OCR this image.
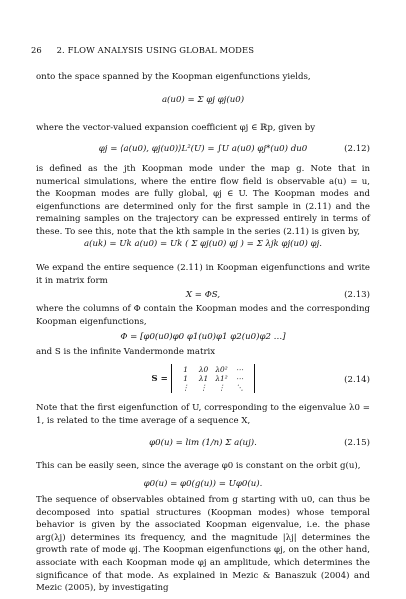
26 2. FLOW ANALYSIS USING GLOBAL MODES

onto the space spanned by the Koopman eigenfunctions yields,

a(u0) = Σ φj φj(u0)

where the vector-valued expansion coefficient φj ∈ ℝp, given by

φj = ⟨a(u0), φj(u0)⟩L²(U) = ∫U a(u0) φj*(u0) du0	(2.12)

is defined as the jth Koopman mode under the map g. Note that in numerical simulations, where the entire flow field is observable a(u) = u, the Koopman modes are fully global, φj ∈ U. The Koopman modes and eigenfunctions are determined only for the first sample in (2.11) and the remaining samples on the trajectory can be expressed entirely in terms of these. To see this, note that the kth sample in the series (2.11) is given by,

a(uk) = Uk a(u0) = Uk ( Σ φj(u0) φj ) = Σ λjk φj(u0) φj.

We expand the entire sequence (2.11) in Koopman eigenfunctions and write it in matrix form

X = ΦS,	(2.13)

where the columns of Φ contain the Koopman modes and the corresponding Koopman eigenfunctions,

Φ = [φ0(u0)φ0 φ1(u0)φ1 φ2(u0)φ2 …]

and S is the infinite Vandermonde matrix

S =
1 λ0 λ0² ⋯
1 λ1 λ1² ⋯
⋮ ⋮ ⋮ ⋱
(2.14)

Note that the first eigenfunction of U, corresponding to the eigenvalue λ0 = 1, is related to the time average of a sequence X,

φ0(u) = lim (1/n) Σ a(uj).	(2.15)

This can be easily seen, since the average φ0 is constant on the orbit g(u),

φ0(u) = φ0(g(u)) = Uφ0(u).

The sequence of observables obtained from g starting with u0, can thus be decomposed into spatial structures (Koopman modes) whose temporal behavior is given by the associated Koopman eigenvalue, i.e. the phase arg(λj) determines its frequency, and the magnitude |λj| determines the growth rate of mode φj. The Koopman eigenfunctions φj, on the other hand, associate with each Koopman mode φj an amplitude, which determines the significance of that mode. As explained in Mezic & Banaszuk (2004) and Mezic (2005), by investigating
